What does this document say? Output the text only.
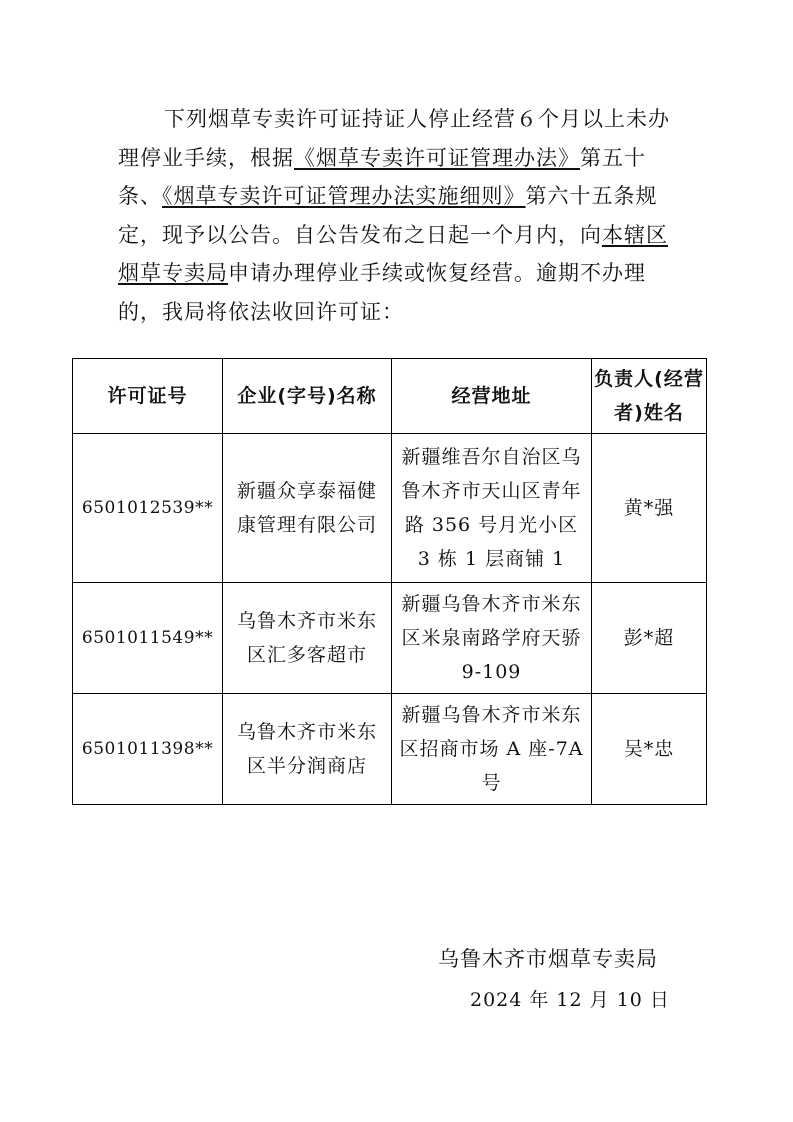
下列烟草专卖许可证持证人停止经营６个月以上未办理停业手续，根据《烟草专卖许可证管理办法》第五十条、《烟草专卖许可证管理办法实施细则》第六十五条规定，现予以公告。自公告发布之日起一个月内，向本辖区烟草专卖局申请办理停业手续或恢复经营。逾期不办理的，我局将依法收回许可证：

许可证号	企业(字号)名称	经营地址	负责人(经营者)姓名
6501012539**	新疆众享泰福健康管理有限公司	新疆维吾尔自治区乌鲁木齐市天山区青年路 356 号月光小区 3 栋 1 层商铺 1	黄*强
6501011549**	乌鲁木齐市米东区汇多客超市	新疆乌鲁木齐市米东区米泉南路学府天骄 9-109	彭*超
6501011398**	乌鲁木齐市米东区半分润商店	新疆乌鲁木齐市米东区招商市场 A 座-7A 号	吴*忠

乌鲁木齐市烟草专卖局

2024 年 12 月 10 日
